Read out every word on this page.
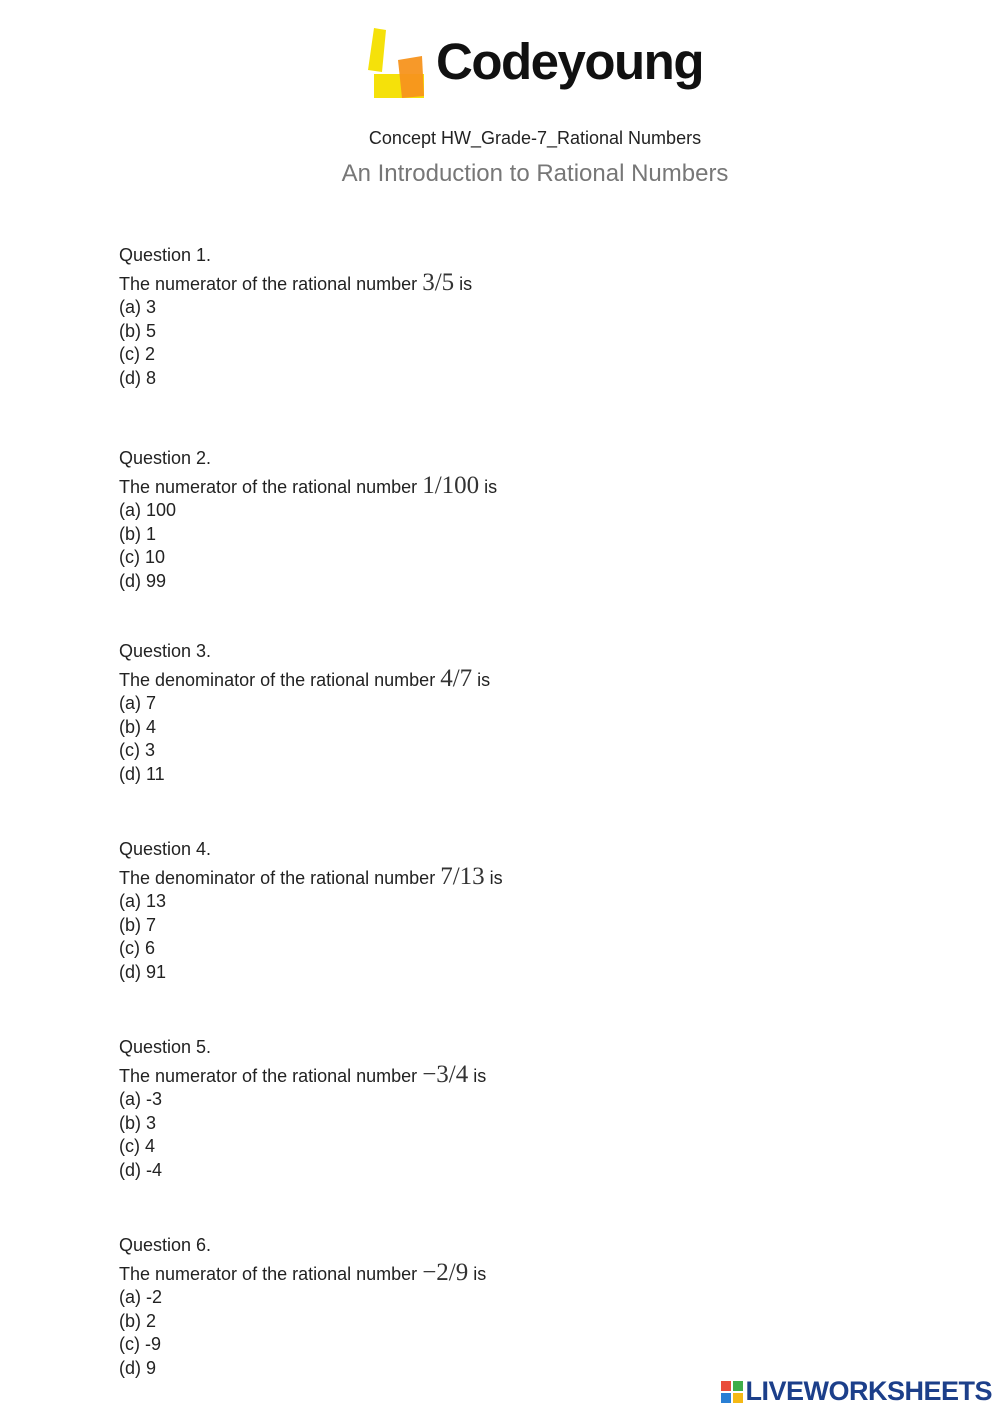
Codeyoung
Concept HW_Grade-7_Rational Numbers
An Introduction to Rational Numbers
Question 1.
The numerator of the rational number 3/5 is
(a) 3
(b) 5
(c) 2
(d) 8
Question 2.
The numerator of the rational number 1/100 is
(a) 100
(b) 1
(c) 10
(d) 99
Question 3.
The denominator of the rational number 4/7 is
(a) 7
(b) 4
(c) 3
(d) 11
Question 4.
The denominator of the rational number 7/13 is
(a) 13
(b) 7
(c) 6
(d) 91
Question 5.
The numerator of the rational number −3/4 is
(a) -3
(b) 3
(c) 4
(d) -4
Question 6.
The numerator of the rational number −2/9 is
(a) -2
(b) 2
(c) -9
(d) 9
LIVEWORKSHEETS
